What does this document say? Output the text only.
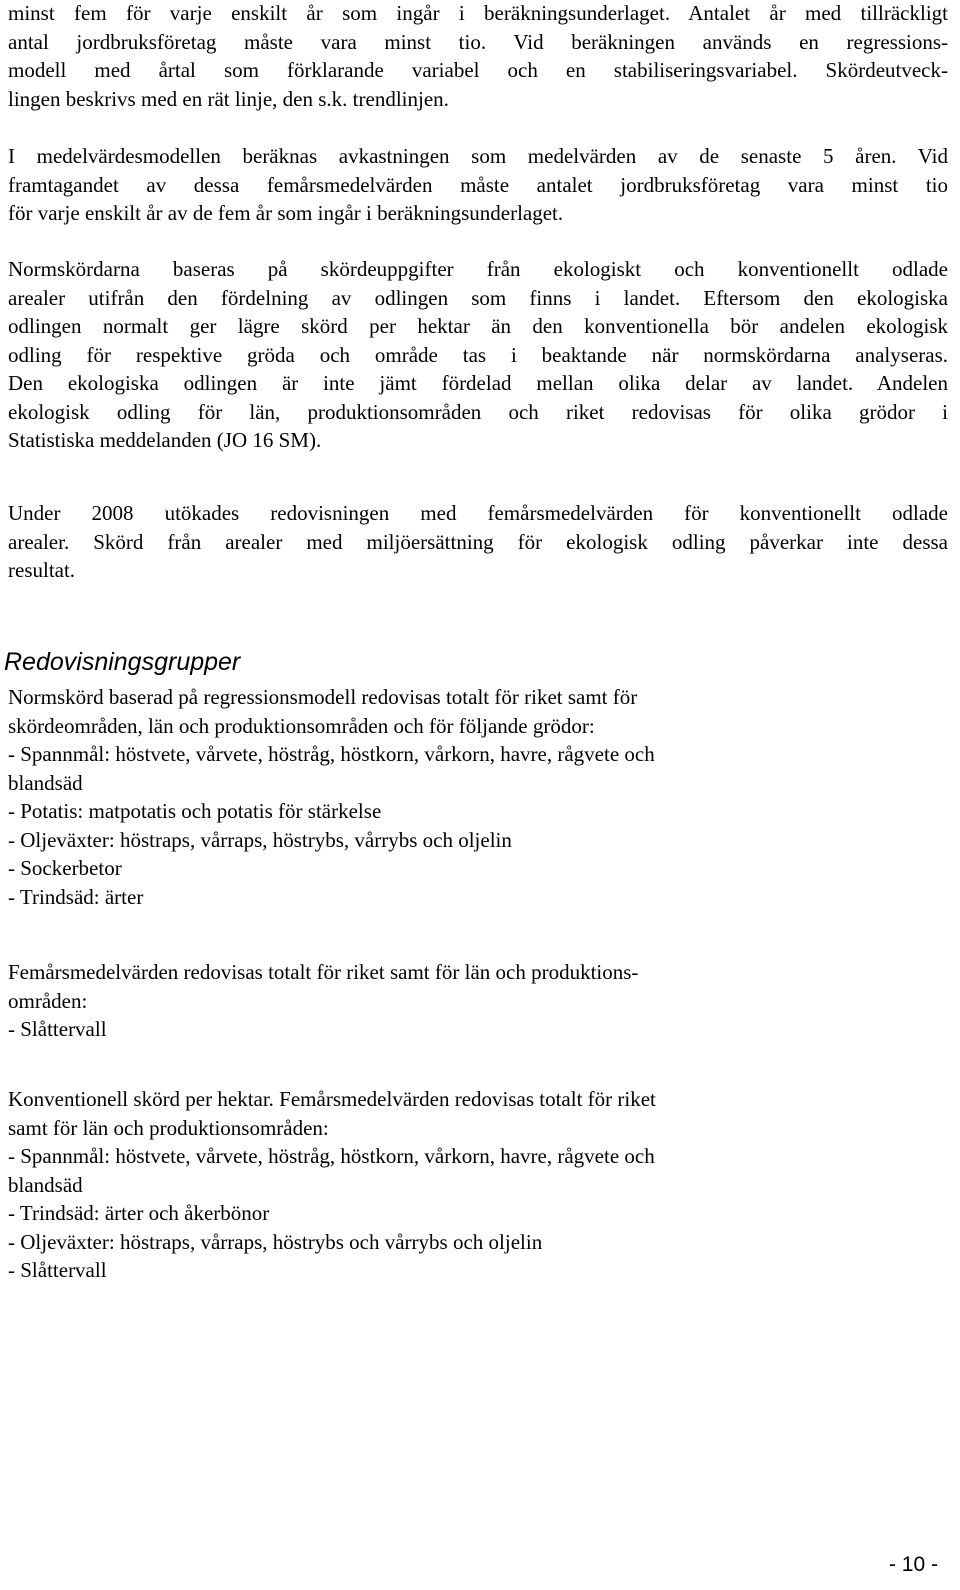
minst fem för varje enskilt år som ingår i beräkningsunderlaget. Antalet år med tillräckligt
antal jordbruksföretag måste vara minst tio. Vid beräkningen används en regressions-
modell med årtal som förklarande variabel och en stabiliseringsvariabel. Skördeutveck-
lingen beskrivs med en rät linje, den s.k. trendlinjen.
I medelvärdesmodellen beräknas avkastningen som medelvärden av de senaste 5 åren. Vid
framtagandet av dessa femårsmedelvärden måste antalet jordbruksföretag vara minst tio
för varje enskilt år av de fem år som ingår i beräkningsunderlaget.
Normskördarna baseras på skördeuppgifter från ekologiskt och konventionellt odlade
arealer utifrån den fördelning av odlingen som finns i landet. Eftersom den ekologiska
odlingen normalt ger lägre skörd per hektar än den konventionella bör andelen ekologisk
odling för respektive gröda och område tas i beaktande när normskördarna analyseras.
Den ekologiska odlingen är inte jämt fördelad mellan olika delar av landet. Andelen
ekologisk odling för län, produktionsområden och riket redovisas för olika grödor i
Statistiska meddelanden (JO 16 SM).
Under 2008 utökades redovisningen med femårsmedelvärden för konventionellt odlade
arealer. Skörd från arealer med miljöersättning för ekologisk odling påverkar inte dessa
resultat.
Redovisningsgrupper
Normskörd baserad på regressionsmodell redovisas totalt för riket samt för
skördeområden, län och produktionsområden och för följande grödor:
- Spannmål: höstvete, vårvete, höstråg, höstkorn, vårkorn, havre, rågvete och
blandsäd
- Potatis: matpotatis och potatis för stärkelse
- Oljeväxter: höstraps, vårraps, höstrybs, vårrybs och oljelin
- Sockerbetor
- Trindsäd: ärter
Femårsmedelvärden redovisas totalt för riket samt för län och produktions-
områden:
- Slåttervall
Konventionell skörd per hektar. Femårsmedelvärden redovisas totalt för riket
samt för län och produktionsområden:
- Spannmål: höstvete, vårvete, höstråg, höstkorn, vårkorn, havre, rågvete och
blandsäd
- Trindsäd: ärter och åkerbönor
- Oljeväxter: höstraps, vårraps, höstrybs och vårrybs och oljelin
- Slåttervall
- 10 -
